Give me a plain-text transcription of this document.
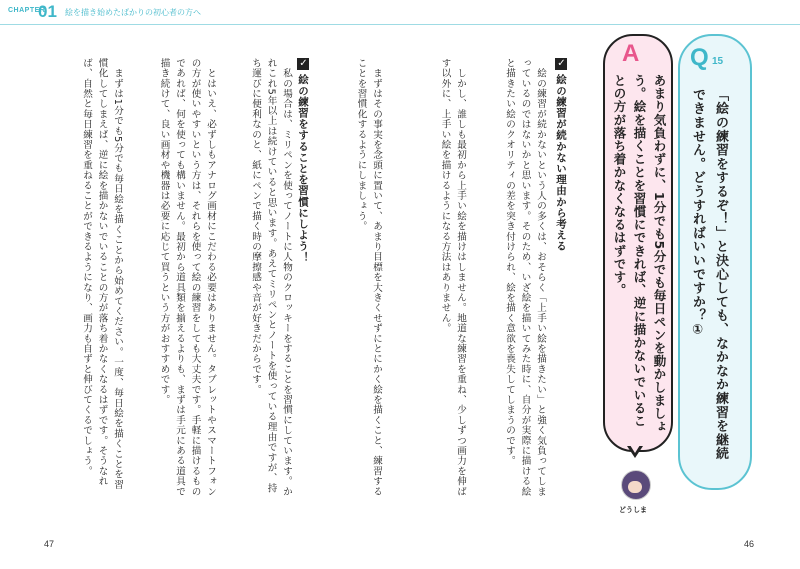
CHAPTER
01 絵を描き始めたばかりの初心者の方へ
Q 15
「絵の練習をするぞ！」と決心しても、なかなか練習を継続できません。どうすればいいですか？①
A
あまり気負わずに、1分でも5分でも毎日ペンを動かしましょう。絵を描くことを習慣にできれば、逆に描かないでいることの方が落ち着かなくなるはずです。
どうしま
✓絵の練習が続かない理由から考える
　絵の練習が続かないという人の多くは、おそらく「上手い絵を描きたい」と強く気負ってしまっているのではないかと思います。そのため、いざ絵を描いてみた時に、自分が実際に描ける絵と描きたい絵のクオリティの差を突き付けられ、絵を描く意欲を喪失してしまうのです。
　しかし、誰しも最初から上手い絵を描けはしません。地道な練習を重ね、少しずつ画力を伸ばす以外に、上手い絵を描けるようになる方法はありません。
　まずはその事実を念頭に置いて、あまり目標を大きくせずにとにかく絵を描くこと、練習することを習慣化するようにしましょう。
✓絵の練習をすることを習慣にしよう！
　私の場合は、ミリペンを使ってノートに人物のクロッキーをすることを習慣にしています。かれこれ5年以上は続けていると思います。あえてミリペンとノートを使っている理由ですが、持ち運びに便利なのと、紙にペンで描く時の摩擦感や音が好きだからです。
　とはいえ、必ずしもアナログ画材にこだわる必要はありません。タブレットやスマートフォンの方が使いやすいという方は、それらを使って絵の練習をしても大丈夫です。手軽に描けるものであれば、何を使っても構いません。最初から道具類を揃えるよりも、まずは手元にある道具で描き続けて、良い画材や機器は必要に応じて買うという方がおすすめです。
　まずは1分でも5分でも毎日絵を描くことから始めてください。一度、毎日絵を描くことを習慣化してしまえば、逆に絵を描かないでいることの方が落ち着かなくなるはずです。そうなれば、自然と毎日練習を重ねることができるようになり、画力も自ずと伸びてくるでしょう。
47	46
